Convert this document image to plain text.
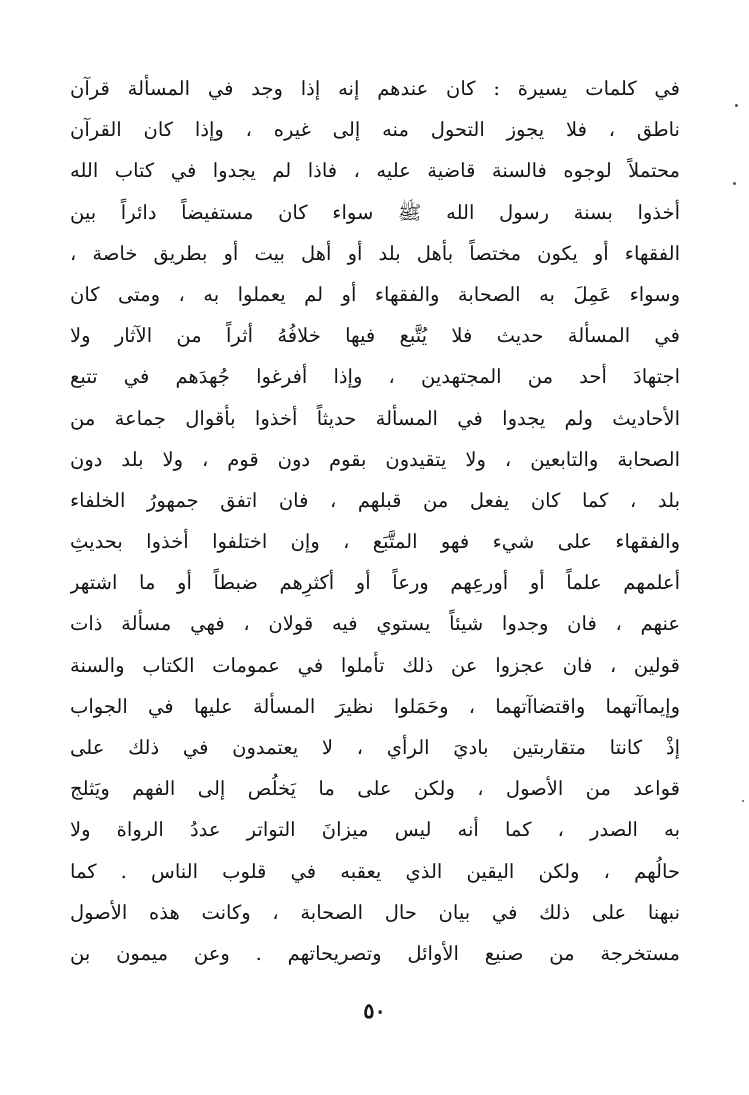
في كلمات يسيرة : كان عندهم إنه إذا وجد في المسألة قرآن
ناطق ، فلا يجوز التحول منه إلى غيره ، وإذا كان القرآن
محتملاً لوجوه فالسنة قاضية عليه ، فاذا لم يجدوا في كتاب الله
أخذوا بسنة رسول الله ﷺ سواء كان مستفيضاً دائراً بين
الفقهاء أو يكون مختصاً بأهل بلد أو أهل بيت أو بطريق خاصة ،
وسواء عَمِلَ به الصحابة والفقهاء أو لم يعملوا به ، ومتى كان
في المسألة حديث فلا يُتَّبع فيها خلافُهُ أثراً من الآثار ولا
اجتهادَ أحد من المجتهدين ، وإذا أفرغوا جُهدَهم في تتبع
الأحاديث ولم يجدوا في المسألة حديثاً أخذوا بأقوال جماعة من
الصحابة والتابعين ، ولا يتقيدون بقوم دون قوم ، ولا بلد دون
بلد ، كما كان يفعل من قبلهم ، فان اتفق جمهورُ الخلفاء
والفقهاء على شيء فهو المتَّبَع ، وإن اختلفوا أخذوا بحديثِ
أعلمهم علماً أو أورعِهم ورعاً أو أكثرِهم ضبطاً أو ما اشتهر
عنهم ، فان وجدوا شيئاً يستوي فيه قولان ، فهي مسألة ذات
قولين ، فان عجزوا عن ذلك تأملوا في عمومات الكتاب والسنة
وإيماآتهما واقتضاآتهما ، وحَمَلوا نظيرَ المسألة عليها في الجواب
إذْ كانتا متقاربتين باديَ الرأي ، لا يعتمدون في ذلك على
قواعد من الأصول ، ولكن على ما يَخلُص إلى الفهم ويَثلج
به الصدر ، كما أنه ليس ميزانَ التواتر عددُ الرواة ولا
حالُهم ، ولكن اليقين الذي يعقبه في قلوب الناس . كما
نبهنا على ذلك في بيان حال الصحابة ، وكانت هذه الأصول
مستخرجة من صنيع الأوائل وتصريحاتهم . وعن ميمون بن
٥٠
